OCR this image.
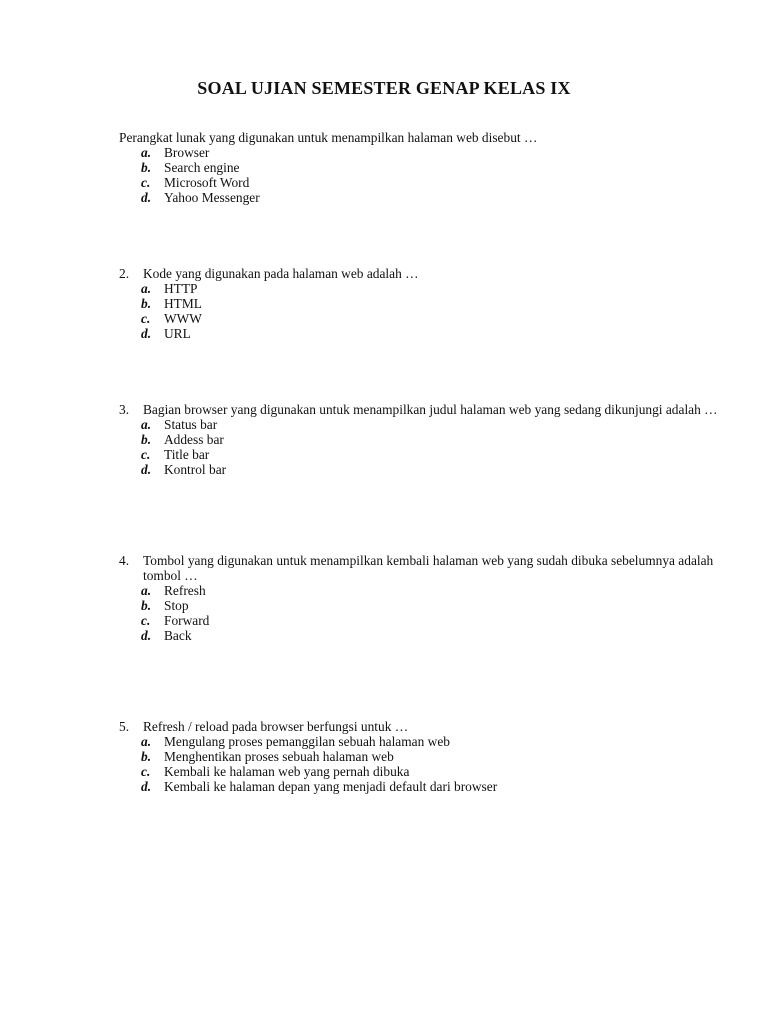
SOAL UJIAN SEMESTER GENAP KELAS IX
Perangkat lunak yang digunakan untuk menampilkan halaman web disebut …
a. Browser
b. Search engine
c.	Microsoft Word
d. Yahoo Messenger
2.	Kode yang digunakan pada halaman web adalah …
a. HTTP
b. HTML
c.	WWW
d. URL
3.	Bagian browser yang digunakan untuk menampilkan judul halaman web yang sedang dikunjungi adalah …
a. Status bar
b. Addess bar
c.	Title bar
d. Kontrol bar
4.	Tombol yang digunakan untuk menampilkan kembali halaman web yang sudah dibuka sebelumnya adalah tombol …
a. Refresh
b. Stop
c.	Forward
d. Back
5.	Refresh / reload pada browser berfungsi untuk …
a. Mengulang proses pemanggilan sebuah halaman web
b. Menghentikan proses sebuah halaman web
c.	Kembali ke halaman web yang pernah dibuka
d. Kembali ke halaman depan yang menjadi default dari browser
